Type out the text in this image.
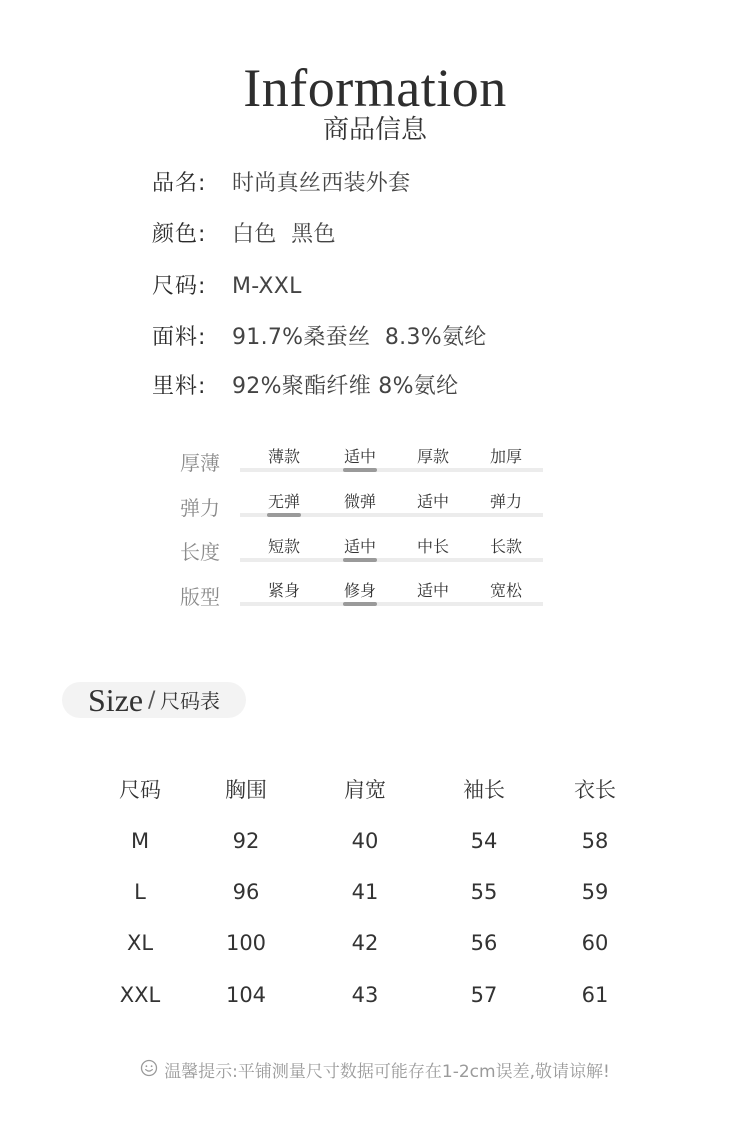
Information
商品信息
品名: 时尚真丝西装外套
颜色: 白色  黑色
尺码: M-XXL
面料: 91.7%桑蚕丝  8.3%氨纶
里料: 92%聚酯纤维 8%氨纶
厚薄	薄款	适中	厚款	加厚
弹力	无弹	微弹	适中	弹力
长度	短款	适中	中长	长款
版型	紧身	修身	适中	宽松
Size / 尺码表
尺码	胸围	肩宽	袖长	衣长
M	92	40	54	58
L	96	41	55	59
XL	100	42	56	60
XXL	104	43	57	61
温馨提示:平铺测量尺寸数据可能存在1-2cm误差,敬请谅解!
